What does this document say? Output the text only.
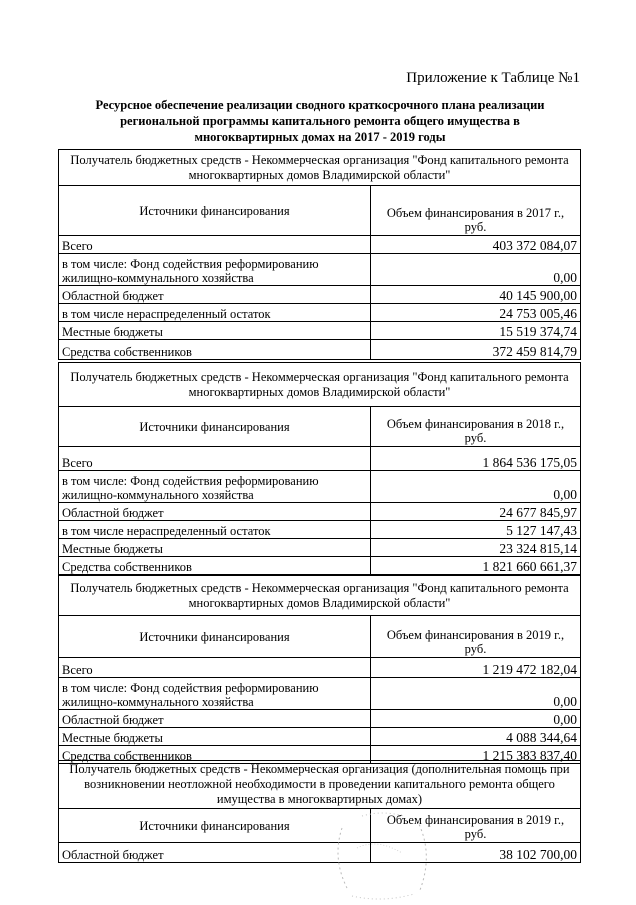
Приложение к Таблице №1
Ресурсное обеспечение реализации сводного краткосрочного плана реализации региональной программы капитального ремонта общего имущества в многоквартирных домах на 2017 - 2019 годы
Получатель бюджетных средств - Некоммерческая организация "Фонд капитального ремонта многоквартирных домов Владимирской области"	
Источники финансирования	Объем финансирования в 2017 г., руб.
Всего	403 372 084,07
в том числе: Фонд содействия реформированию жилищно-коммунального хозяйства	0,00
Областной бюджет	40 145 900,00
в том числе нераспределенный остаток	24 753 005,46
Местные бюджеты	15 519 374,74
Средства собственников	372 459 814,79
Получатель бюджетных средств - Некоммерческая организация "Фонд капитального ремонта многоквартирных домов Владимирской области"	
Источники финансирования	Объем финансирования в 2018 г., руб.
Всего	1 864 536 175,05
в том числе: Фонд содействия реформированию жилищно-коммунального хозяйства	0,00
Областной бюджет	24 677 845,97
в том числе нераспределенный остаток	5 127 147,43
Местные бюджеты	23 324 815,14
Средства собственников	1 821 660 661,37
Получатель бюджетных средств - Некоммерческая организация "Фонд капитального ремонта многоквартирных домов Владимирской области"	
Источники финансирования	Объем финансирования в 2019 г., руб.
Всего	1 219 472 182,04
в том числе: Фонд содействия реформированию жилищно-коммунального хозяйства	0,00
Областной бюджет	0,00
Местные бюджеты	4 088 344,64
Средства собственников	1 215 383 837,40
Получатель бюджетных средств - Некоммерческая организация (дополнительная помощь при возникновении неотложной необходимости в проведении капитального ремонта общего имущества в многоквартирных домах)	
Источники финансирования	Объем финансирования в 2019 г., руб.
Областной бюджет	38 102 700,00
